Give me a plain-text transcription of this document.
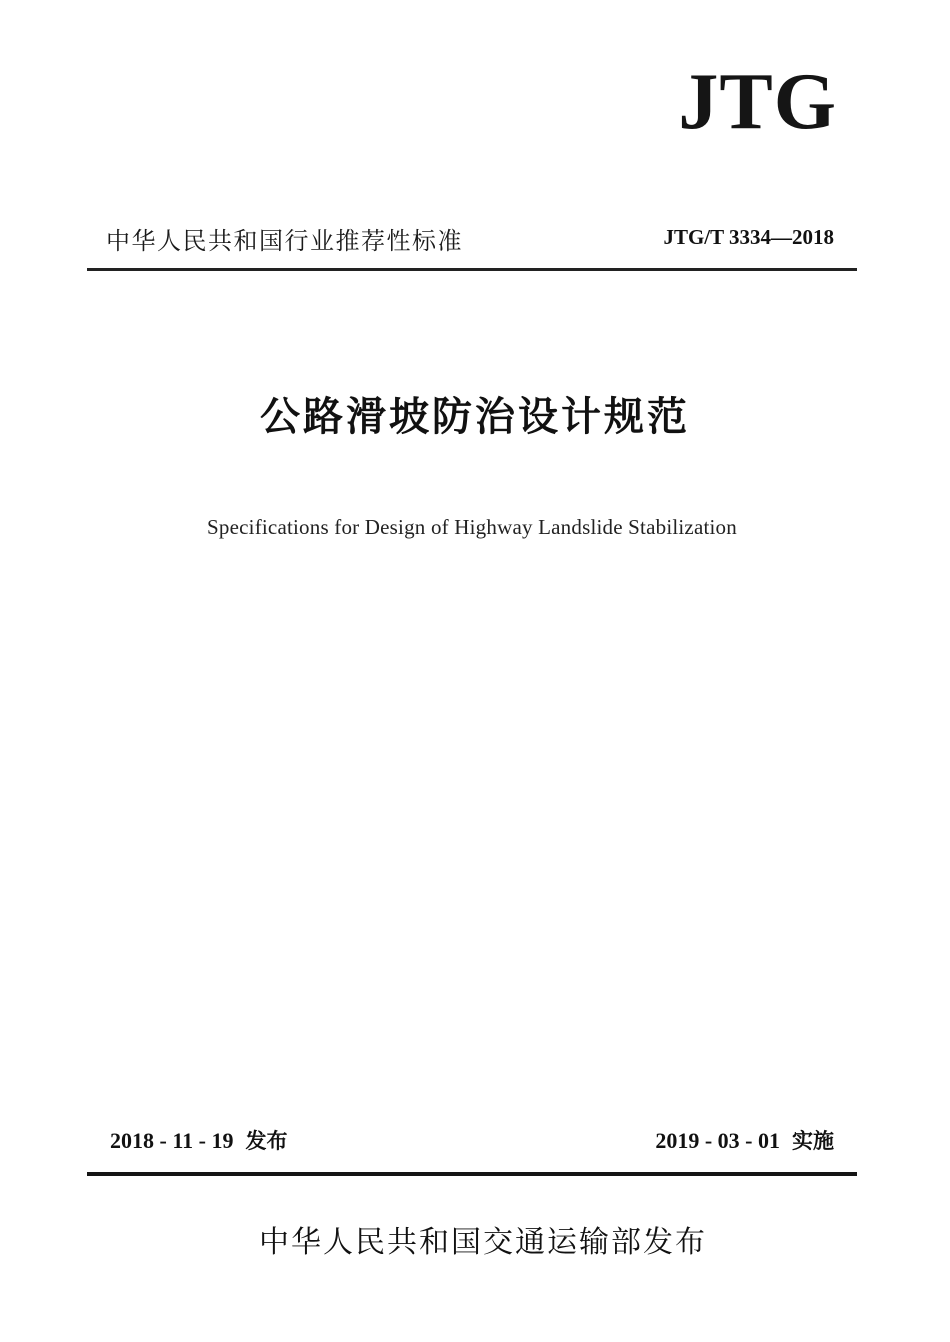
JTG
中华人民共和国行业推荐性标准	JTG/T 3334—2018
公路滑坡防治设计规范
Specifications for Design of Highway Landslide Stabilization
2018 - 11 - 19 发布	2019 - 03 - 01 实施
中华人民共和国交通运输部发布
